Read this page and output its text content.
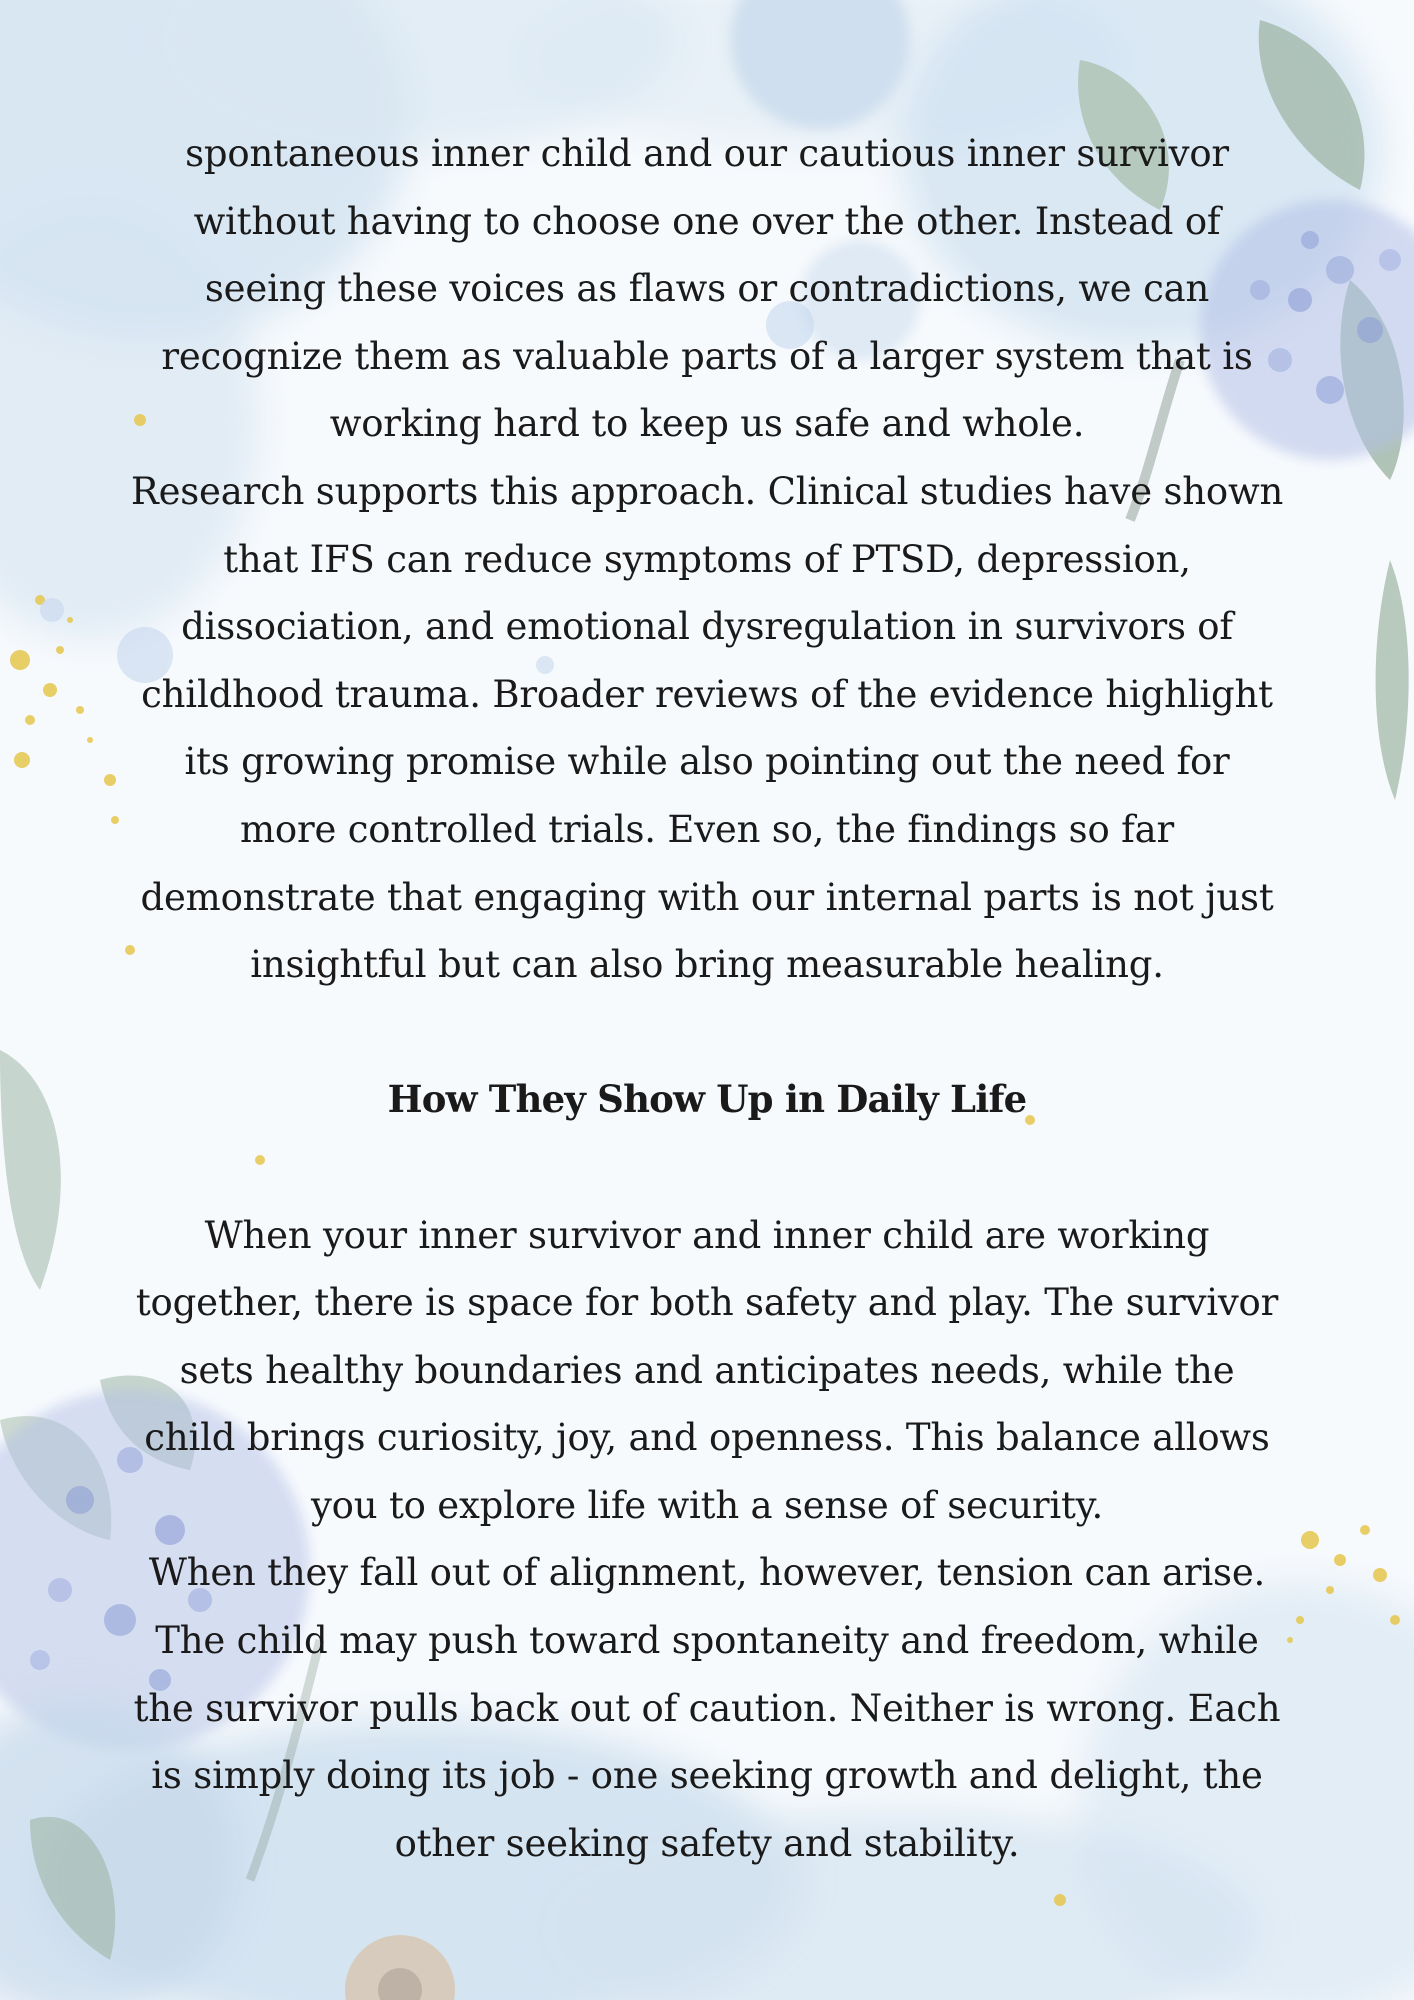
spontaneous inner child and our cautious inner survivor
without having to choose one over the other. Instead of
seeing these voices as flaws or contradictions, we can
recognize them as valuable parts of a larger system that is
working hard to keep us safe and whole.
Research supports this approach. Clinical studies have shown
that IFS can reduce symptoms of PTSD, depression,
dissociation, and emotional dysregulation in survivors of
childhood trauma. Broader reviews of the evidence highlight
its growing promise while also pointing out the need for
more controlled trials. Even so, the findings so far
demonstrate that engaging with our internal parts is not just
insightful but can also bring measurable healing.

How They Show Up in Daily Life

When your inner survivor and inner child are working
together, there is space for both safety and play. The survivor
sets healthy boundaries and anticipates needs, while the
child brings curiosity, joy, and openness. This balance allows
you to explore life with a sense of security.
When they fall out of alignment, however, tension can arise.
The child may push toward spontaneity and freedom, while
the survivor pulls back out of caution. Neither is wrong. Each
is simply doing its job - one seeking growth and delight, the
other seeking safety and stability.
